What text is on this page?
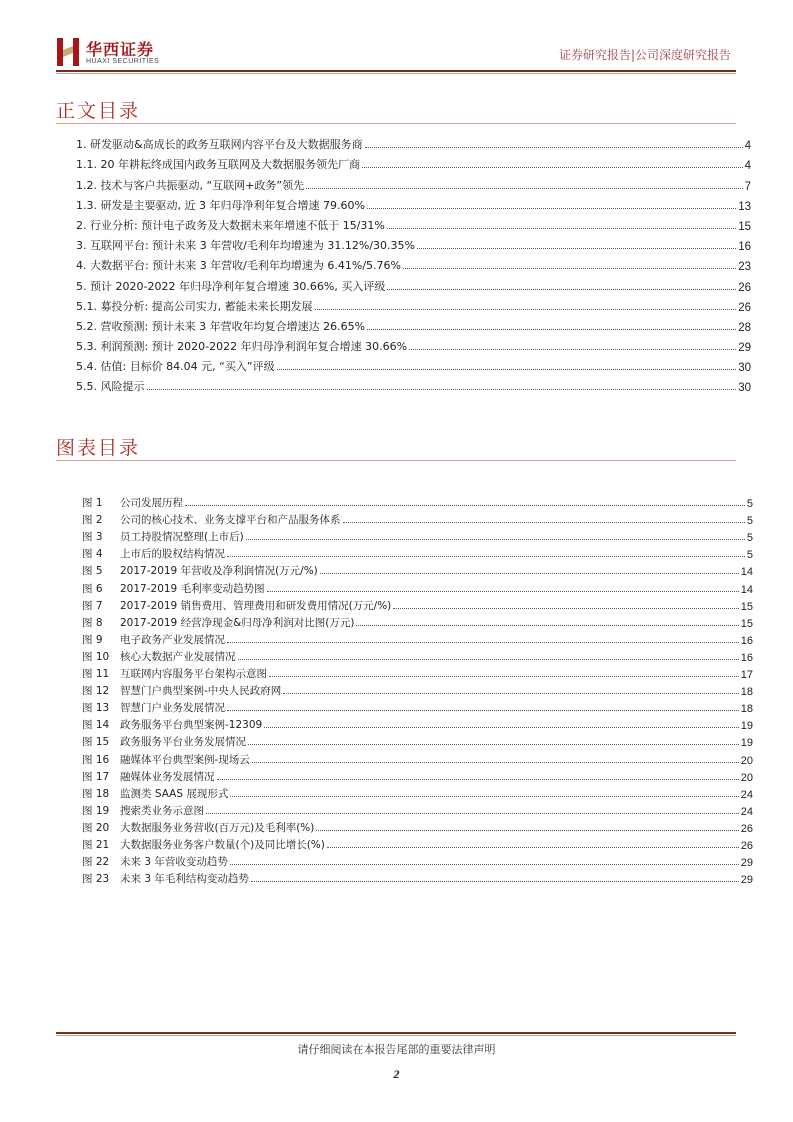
华西证券
HUAXI SECURITIES	证券研究报告|公司深度研究报告
正文目录
1. 研发驱动&高成长的政务互联网内容平台及大数据服务商	4
1.1. 20 年耕耘终成国内政务互联网及大数据服务领先厂商	4
1.2. 技术与客户共振驱动, “互联网+政务”领先	7
1.3. 研发是主要驱动, 近 3 年归母净利年复合增速 79.60%	13
2. 行业分析: 预计电子政务及大数据未来年增速不低于 15/31%	15
3. 互联网平台: 预计未来 3 年营收/毛利年均增速为 31.12%/30.35%	16
4. 大数据平台: 预计未来 3 年营收/毛利年均增速为 6.41%/5.76%	23
5. 预计 2020-2022 年归母净利年复合增速 30.66%, 买入评级	26
5.1. 募投分析: 提高公司实力, 蓄能未来长期发展	26
5.2. 营收预测: 预计未来 3 年营收年均复合增速达 26.65%	28
5.3. 利润预测: 预计 2020-2022 年归母净利润年复合增速 30.66%	29
5.4. 估值: 目标价 84.04 元, “买入”评级	30
5.5. 风险提示	30
图表目录
图 1	公司发展历程	5
图 2	公司的核心技术、业务支撑平台和产品服务体系	5
图 3	员工持股情况整理(上市后)	5
图 4	上市后的股权结构情况	5
图 5	2017-2019 年营收及净利润情况(万元/%)	14
图 6	2017-2019 毛利率变动趋势图	14
图 7	2017-2019 销售费用、管理费用和研发费用情况(万元/%)	15
图 8	2017-2019 经营净现金&归母净利润对比图(万元)	15
图 9	电子政务产业发展情况	16
图 10	核心大数据产业发展情况	16
图 11	互联网内容服务平台架构示意图	17
图 12	智慧门户典型案例-中央人民政府网	18
图 13	智慧门户业务发展情况	18
图 14	政务服务平台典型案例-12309	19
图 15	政务服务平台业务发展情况	19
图 16	融媒体平台典型案例-现场云	20
图 17	融媒体业务发展情况	20
图 18	监测类 SAAS 展现形式	24
图 19	搜索类业务示意图	24
图 20	大数据服务业务营收(百万元)及毛利率(%)	26
图 21	大数据服务业务客户数量(个)及同比增长(%)	26
图 22	未来 3 年营收变动趋势	29
图 23	未来 3 年毛利结构变动趋势	29
请仔细阅读在本报告尾部的重要法律声明
2
